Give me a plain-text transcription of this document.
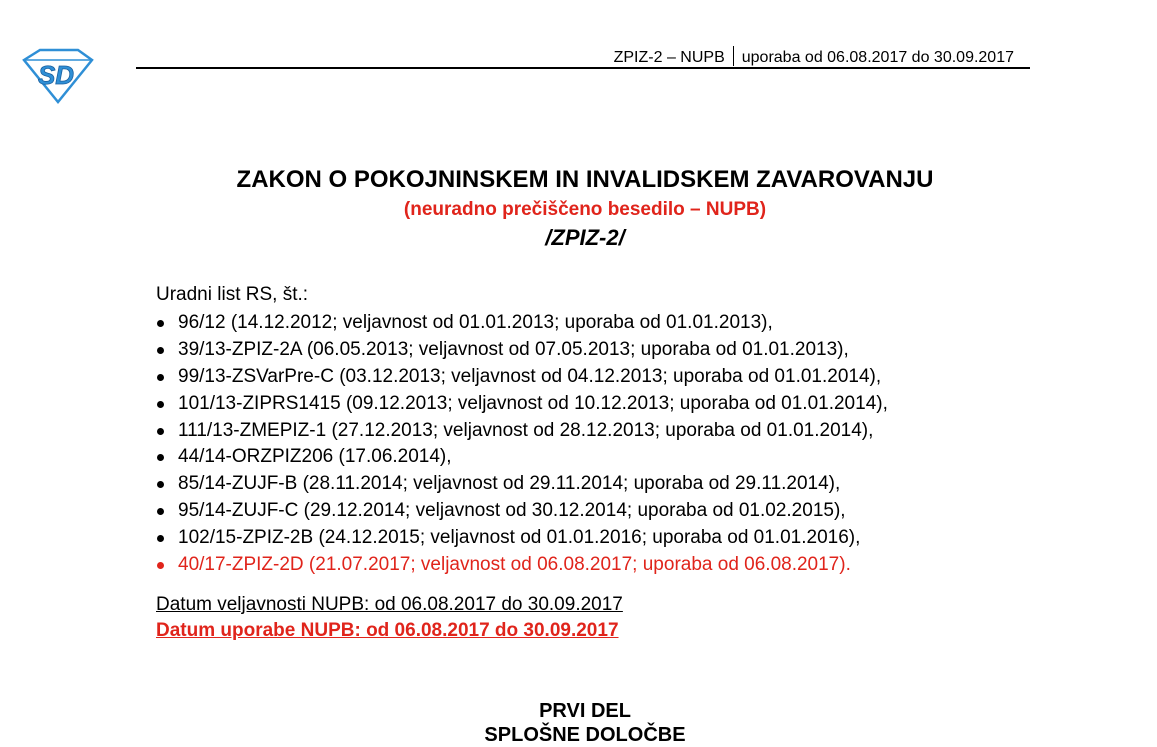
SD
ZPIZ-2 – NUPB uporaba od 06.08.2017 do 30.09.2017
ZAKON O POKOJNINSKEM IN INVALIDSKEM ZAVAROVANJU
(neuradno prečiščeno besedilo – NUPB)
/ZPIZ-2/
Uradni list RS, št.:
96/12 (14.12.2012; veljavnost od 01.01.2013; uporaba od 01.01.2013),
39/13-ZPIZ-2A (06.05.2013; veljavnost od 07.05.2013; uporaba od 01.01.2013),
99/13-ZSVarPre-C (03.12.2013; veljavnost od 04.12.2013; uporaba od 01.01.2014),
101/13-ZIPRS1415 (09.12.2013; veljavnost od 10.12.2013; uporaba od 01.01.2014),
111/13-ZMEPIZ-1 (27.12.2013; veljavnost od 28.12.2013; uporaba od 01.01.2014),
44/14-ORZPIZ206 (17.06.2014),
85/14-ZUJF-B (28.11.2014; veljavnost od 29.11.2014; uporaba od 29.11.2014),
95/14-ZUJF-C (29.12.2014; veljavnost od 30.12.2014; uporaba od 01.02.2015),
102/15-ZPIZ-2B (24.12.2015; veljavnost od 01.01.2016; uporaba od 01.01.2016),
40/17-ZPIZ-2D (21.07.2017; veljavnost od 06.08.2017; uporaba od 06.08.2017).
Datum veljavnosti NUPB: od 06.08.2017 do 30.09.2017
Datum uporabe NUPB: od 06.08.2017 do 30.09.2017
PRVI DEL
SPLOŠNE DOLOČBE
